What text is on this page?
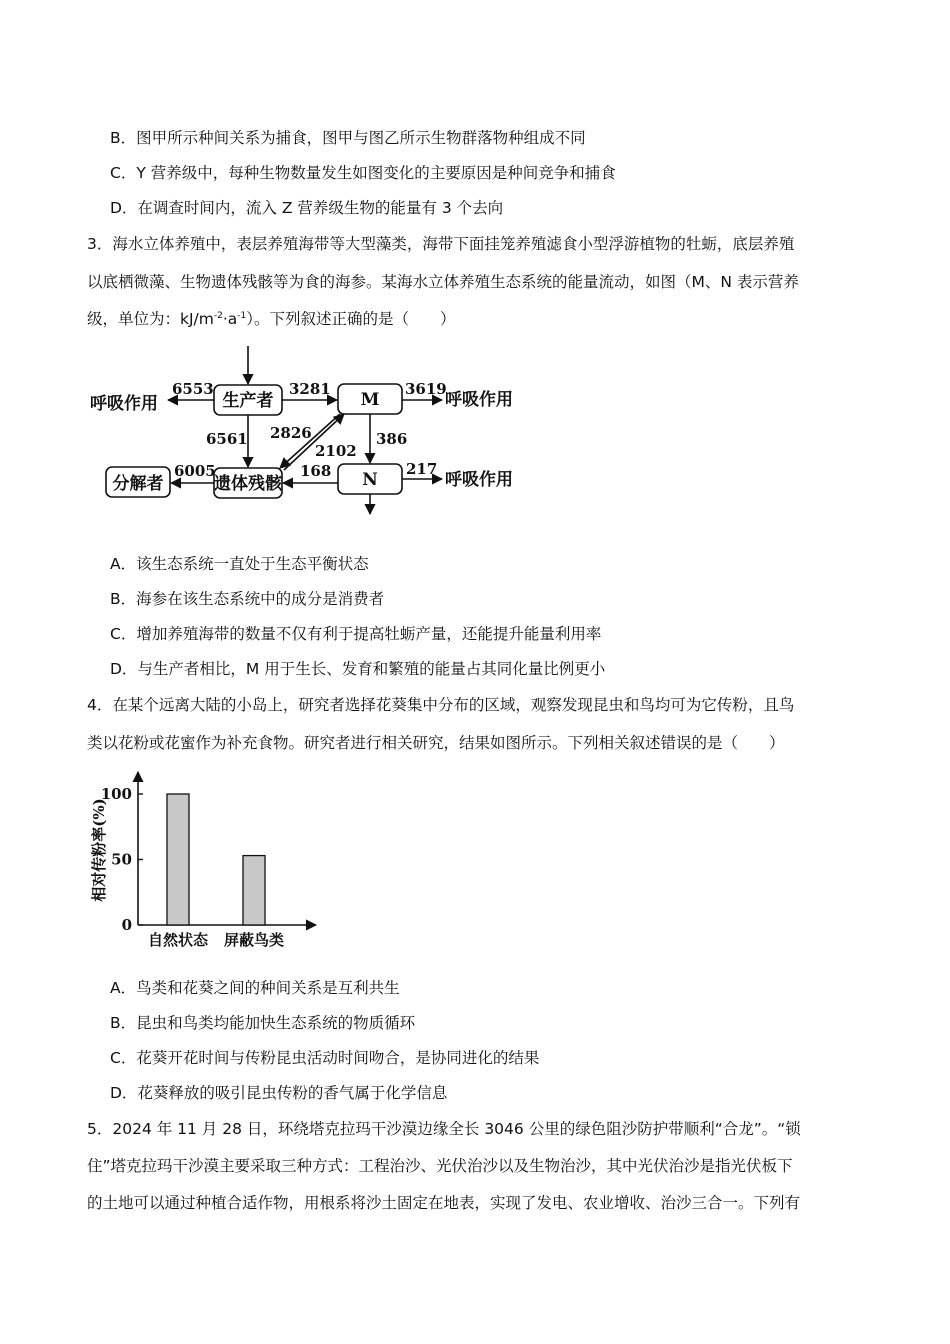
B．图甲所示种间关系为捕食，图甲与图乙所示生物群落物种组成不同
C．Y 营养级中，每种生物数量发生如图变化的主要原因是种间竞争和捕食
D．在调查时间内，流入 Z 营养级生物的能量有 3 个去向
3．海水立体养殖中，表层养殖海带等大型藻类，海带下面挂笼养殖滤食小型浮游植物的牡蛎，底层养殖
以底栖微藻、生物遗体残骸等为食的海参。某海水立体养殖生态系统的能量流动，如图（M、N 表示营养
级，单位为：$kJ/m^{-2}\cdot a^{-1}$）。下列叙述正确的是（　　）
生产者	M
N
遗体残骸
分解者
呼吸作用	呼吸作用
呼吸作用
6553	3281	3619
6561 2826
2102
386
168	217
6005
A．该生态系统一直处于生态平衡状态
B．海参在该生态系统中的成分是消费者
C．增加养殖海带的数量不仅有利于提高牡蛎产量，还能提升能量利用率
D．与生产者相比，M 用于生长、发育和繁殖的能量占其同化量比例更小
4．在某个远离大陆的小岛上，研究者选择花葵集中分布的区域，观察发现昆虫和鸟均可为它传粉，且鸟
类以花粉或花蜜作为补充食物。研究者进行相关研究，结果如图所示。下列相关叙述错误的是（　　）
相对传粉率(%)
0
50
100
自然状态 屏蔽鸟类
A．鸟类和花葵之间的种间关系是互利共生
B．昆虫和鸟类均能加快生态系统的物质循环
C．花葵开花时间与传粉昆虫活动时间吻合，是协同进化的结果
D．花葵释放的吸引昆虫传粉的香气属于化学信息
5．2024 年 11 月 28 日，环绕塔克拉玛干沙漠边缘全长 3046 公里的绿色阻沙防护带顺利“合龙”。“锁
住”塔克拉玛干沙漠主要采取三种方式：工程治沙、光伏治沙以及生物治沙，其中光伏治沙是指光伏板下
的土地可以通过种植合适作物，用根系将沙土固定在地表，实现了发电、农业增收、治沙三合一。下列有
